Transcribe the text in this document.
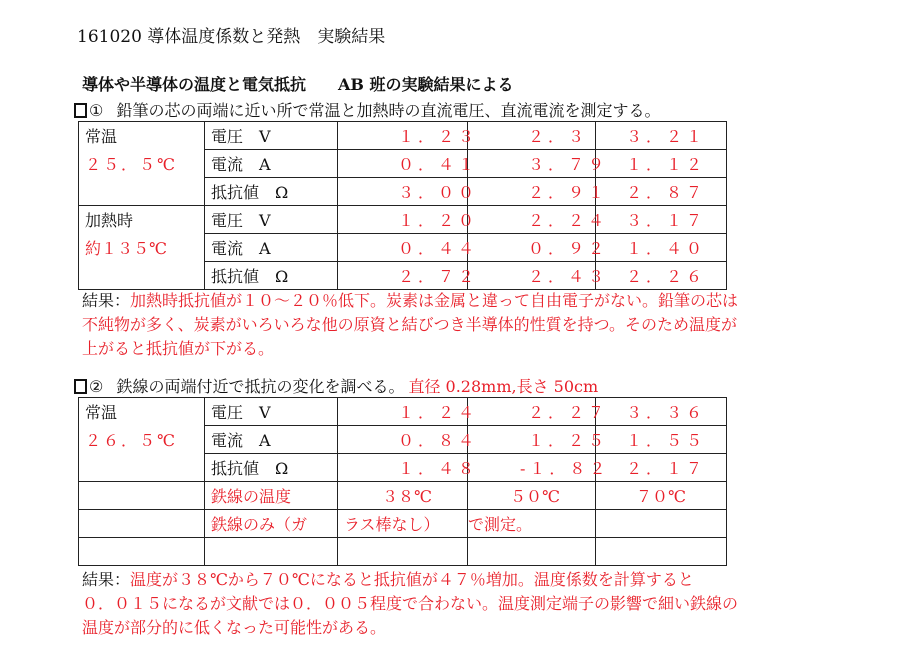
161020 導体温度係数と発熱　実験結果
導体や半導体の温度と電気抵抗　　AB 班の実験結果による
① 鉛筆の芯の両端に近い所で常温と加熱時の直流電圧、直流電流を測定する。
常温	電圧　V	１．２３	２．３	３．２１
２５．５℃	電流　A	０．４１	３．７９	１．１２
	抵抗値　Ω	３．００	２．９１	２．８７
加熱時	電圧　V	１．２０	２．２４	３．１７
約１３５℃	電流　A	０．４４	０．９２	１．４０
	抵抗値　Ω	２．７２	２．４３	２．２６
結果：加熱時抵抗値が１０～２０％低下。炭素は金属と違って自由電子がない。鉛筆の芯は
不純物が多く、炭素がいろいろな他の原資と結びつき半導体的性質を持つ。そのため温度が
上がると抵抗値が下がる。
② 鉄線の両端付近で抵抗の変化を調べる。 直径 0.28mm,長さ 50cm
常温	電圧　V	１．２４	２．２７	３．３６
２６．５℃	電流　A	０．８４	１．２５	１．５５
	抵抗値　Ω	１．４８	-１．８２	２．１７
	鉄線の温度	３８℃	５０℃	７０℃
	鉄線のみ（ガ	ラス棒なし）	で測定。	

結果：温度が３８℃から７０℃になると抵抗値が４７％増加。温度係数を計算すると
０．０１５になるが文献では０．００５程度で合わない。温度測定端子の影響で細い鉄線の
温度が部分的に低くなった可能性がある。
